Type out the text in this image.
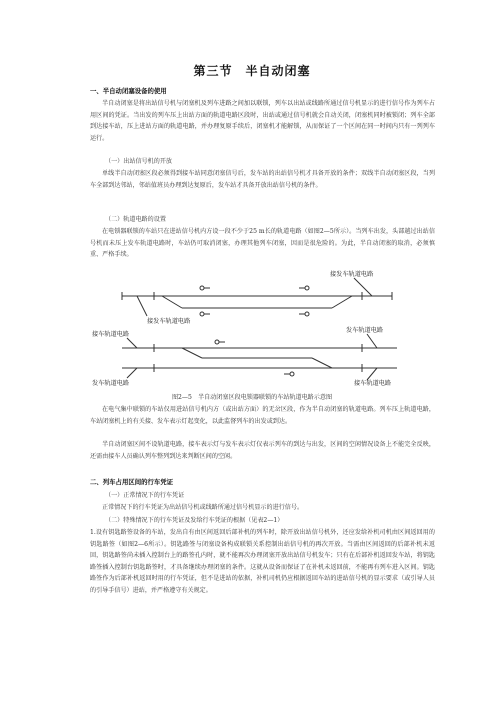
第三节　半自动闭塞
一、半自动闭塞设备的使用
半自动闭塞是将出站信号机与闭塞机及列车进路之间加以联锁，列车以出站或线路所通过信号机显示的进行信号作为列车占用区间的凭证。当出发的列车压上出站方面的轨道电路区段时，出站或通过信号机就会自动关闭，闭塞机同时被锁闭；列车全部到达接车站，压上进站方面的轨道电路，并办理复原手续后，闭塞机才能解锁，从而保证了一个区间在同一时间内只有一列列车运行。
（一）出站信号机的开放
单线半自动闭塞区段必须得到接车站同意闭塞信号后，发车站的出站信号机才具备开放的条件；双线半自动闭塞区段，当列车全部到达邻站，邻站值班员办理到达复原后，发车站才具备开放出站信号机的条件。
（二）轨道电路的设置
在电锁器联锁的车站只在进站信号机内方设一段不少于25 m长的轨道电路（如图2—5所示）。当列车出发，头部越过出站信号机而未压上发车轨道电路时，车站仍可取消闭塞，办理其他列车闭塞，因而是很危险的。为此，半自动闭塞的取消，必须慎重、严格手续。
接发车轨道电路
接发车轨道电路
发车轨道电路
接车轨道电路
发车轨道电路	接车轨道电路
图2—5　半自动闭塞区段电锁器联锁的车站轨道电路示意图
在电气集中联锁的车站仅用进站信号机内方（或出站方面）的无岔区段，作为半自动闭塞的轨道电路。列车压上轨道电路，车站闭塞机上的有关接、发车表示灯起变化，以此监督列车的出发或到达。
半自动闭塞区间不设轨道电路，接车表示灯与发车表示灯仅表示列车的到达与出发，区间的空闲情况设备上不能完全反映，还需由接车人员确认列车整列到达来判断区间的空闲。
二、列车占用区间的行车凭证
（一）正常情况下的行车凭证
正常情况下的行车凭证为出站信号机或线路所通过信号机显示的进行信号。
（二）特殊情况下的行车凭证及发给行车凭证的根据（见表2—1）
1.设有钥匙路签设备的车站，发出自有由区间返回后部补机的列车时，除开放出站信号机外，还应发给补机司机由区间返回用的钥匙路签（如图2—6所示）。钥匙路签与闭塞设备构成联锁关系控制出站信号机的再次开放。当需由区间返回的后部补机未返回，钥匙路签尚未插入控制台上的路签孔内时，就不能再次办理闭塞开放出站信号机发车；只有在后部补机返回发车站，将钥匙路签插入控制台钥匙路签时，才具备继续办理闭塞的条件。这就从设备而保证了在补机未返回前，不能再有列车进入区间。钥匙路签作为后部补机返回时用的行车凭证，但不是进站的依据，补机司机仍应根据返回车站的进站信号机的显示要求（或引导人员的引导手信号）进站，并严格遵守有关规定。
